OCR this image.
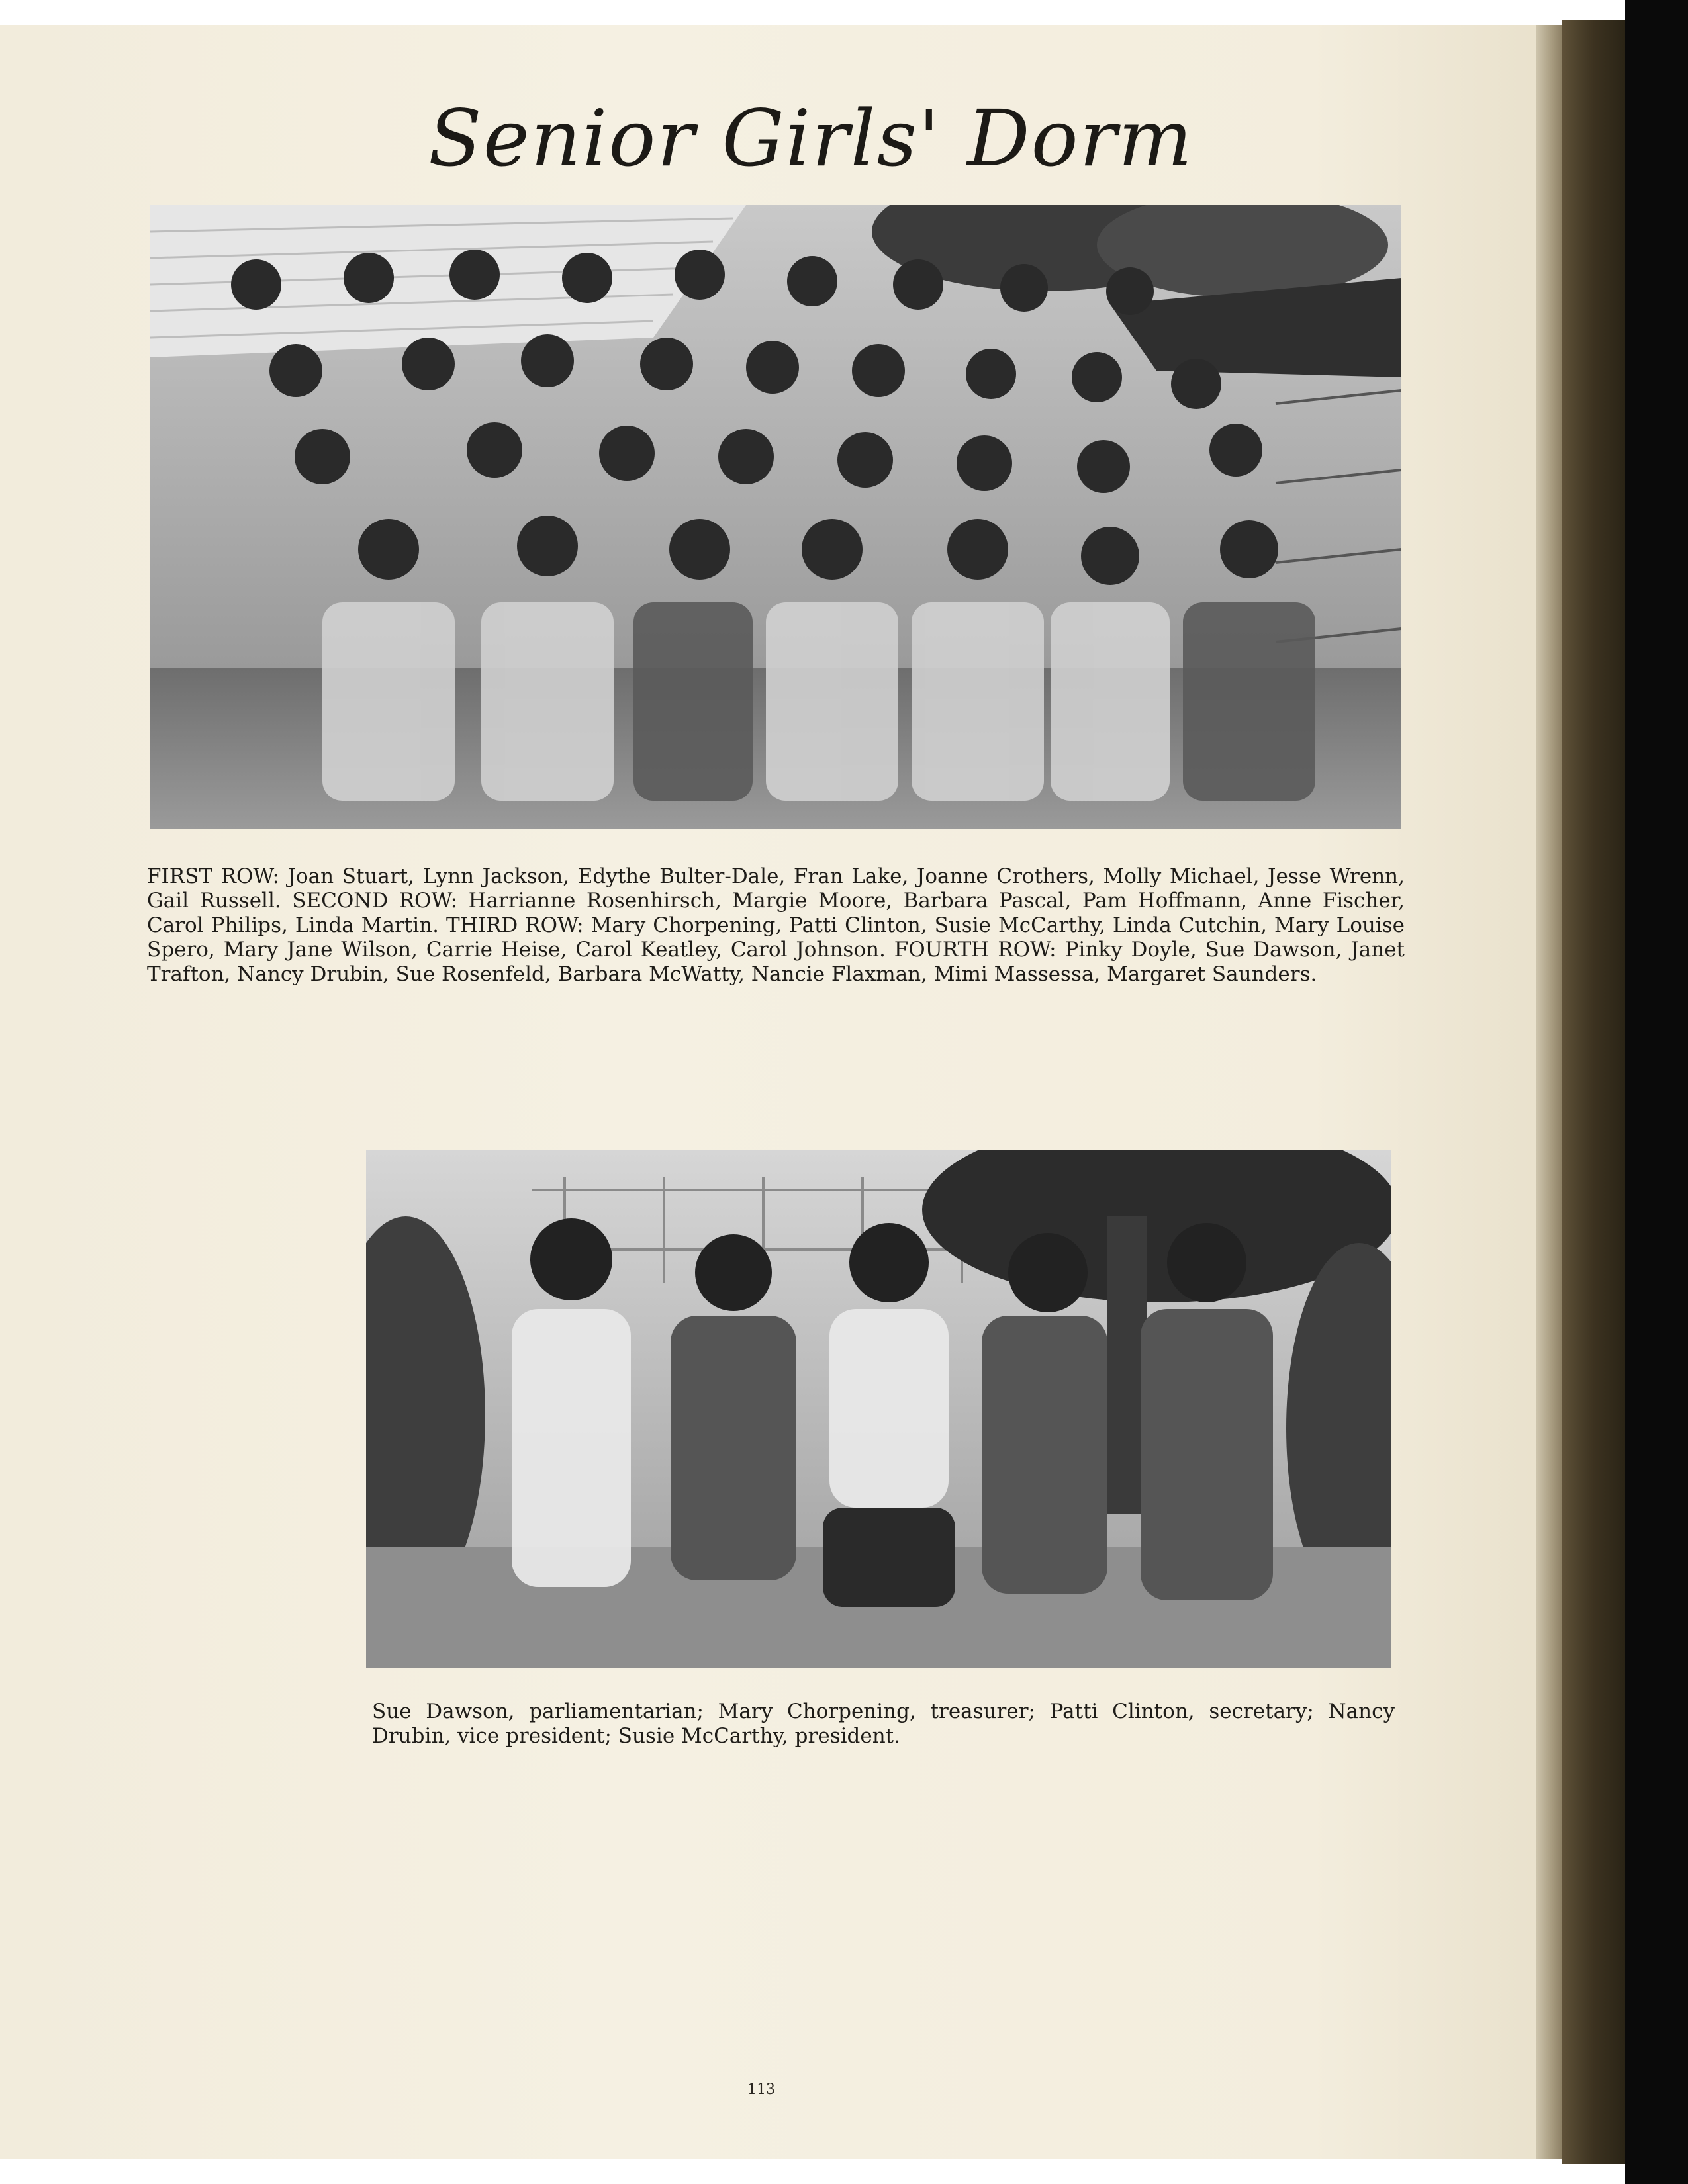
Senior Girls' Dorm
FIRST ROW: Joan Stuart, Lynn Jackson, Edythe Bulter-Dale, Fran Lake, Joanne Crothers, Molly Michael, Jesse Wrenn, Gail Russell. SECOND ROW: Harrianne Rosenhirsch, Margie Moore, Barbara Pascal, Pam Hoffmann, Anne Fischer, Carol Philips, Linda Martin. THIRD ROW: Mary Chorpening, Patti Clinton, Susie McCarthy, Linda Cutchin, Mary Louise Spero, Mary Jane Wilson, Carrie Heise, Carol Keatley, Carol Johnson. FOURTH ROW: Pinky Doyle, Sue Dawson, Janet Trafton, Nancy Drubin, Sue Rosenfeld, Barbara McWatty, Nancie Flaxman, Mimi Massessa, Margaret Saunders.
Sue Dawson, parliamentarian; Mary Chorpening, treasurer; Patti Clinton, secretary; Nancy Drubin, vice president; Susie McCarthy, president.
113
